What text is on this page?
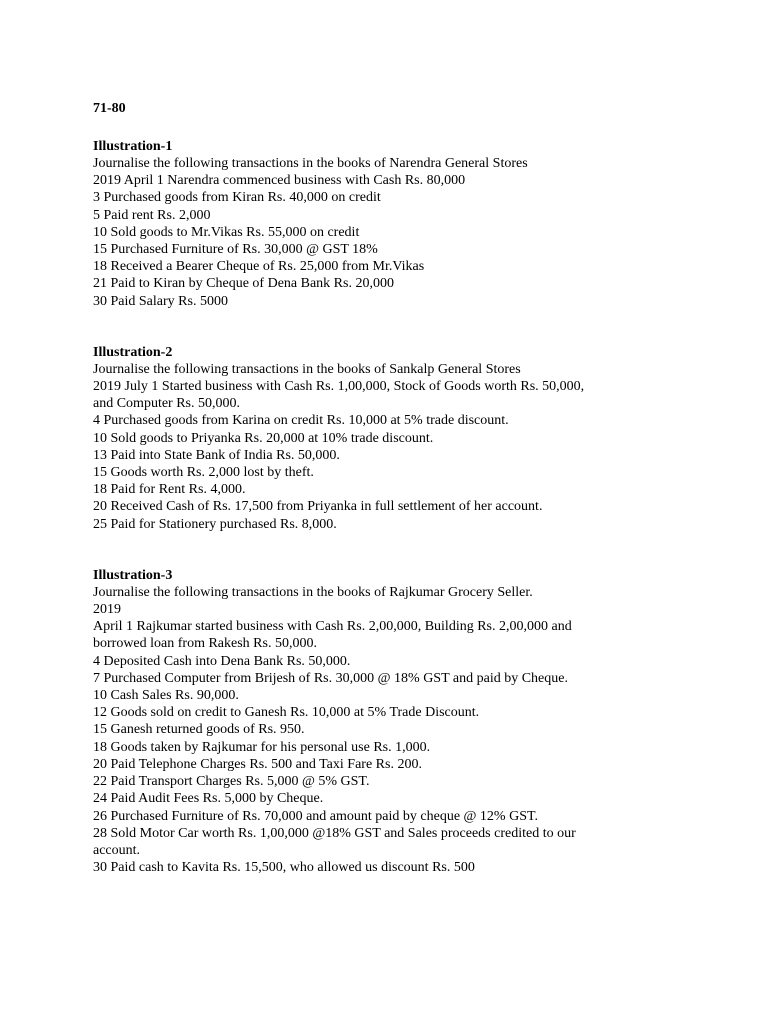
71-80
Illustration-1
Journalise the following transactions in the books of Narendra General Stores
2019 April 1 Narendra commenced business with Cash Rs. 80,000
3 Purchased goods from Kiran Rs. 40,000 on credit
5 Paid rent Rs. 2,000
10 Sold goods to Mr.Vikas Rs. 55,000 on credit
15 Purchased Furniture of Rs. 30,000 @ GST 18%
18 Received a Bearer Cheque of Rs. 25,000 from Mr.Vikas
21 Paid to Kiran by Cheque of Dena Bank Rs. 20,000
30 Paid Salary Rs. 5000
Illustration-2
Journalise the following transactions in the books of Sankalp General Stores
2019 July 1 Started business with Cash Rs. 1,00,000, Stock of Goods worth Rs. 50,000,
and Computer Rs. 50,000.
4 Purchased goods from Karina on credit Rs. 10,000 at 5% trade discount.
10 Sold goods to Priyanka Rs. 20,000 at 10% trade discount.
13 Paid into State Bank of India Rs. 50,000.
15 Goods worth Rs. 2,000 lost by theft.
18 Paid for Rent Rs. 4,000.
20 Received Cash of Rs. 17,500 from Priyanka in full settlement of her account.
25 Paid for Stationery purchased Rs. 8,000.
Illustration-3
Journalise the following transactions in the books of Rajkumar Grocery Seller.
2019
April 1 Rajkumar started business with Cash Rs. 2,00,000, Building Rs. 2,00,000 and
borrowed loan from Rakesh Rs. 50,000.
4 Deposited Cash into Dena Bank Rs. 50,000.
7 Purchased Computer from Brijesh of Rs. 30,000 @ 18% GST and paid by Cheque.
10 Cash Sales Rs. 90,000.
12 Goods sold on credit to Ganesh Rs. 10,000 at 5% Trade Discount.
15 Ganesh returned goods of Rs. 950.
18 Goods taken by Rajkumar for his personal use Rs. 1,000.
20 Paid Telephone Charges Rs. 500 and Taxi Fare Rs. 200.
22 Paid Transport Charges Rs. 5,000 @ 5% GST.
24 Paid Audit Fees Rs. 5,000 by Cheque.
26 Purchased Furniture of Rs. 70,000 and amount paid by cheque @ 12% GST.
28 Sold Motor Car worth Rs. 1,00,000 @18% GST and Sales proceeds credited to our
account.
30 Paid cash to Kavita Rs. 15,500, who allowed us discount Rs. 500
